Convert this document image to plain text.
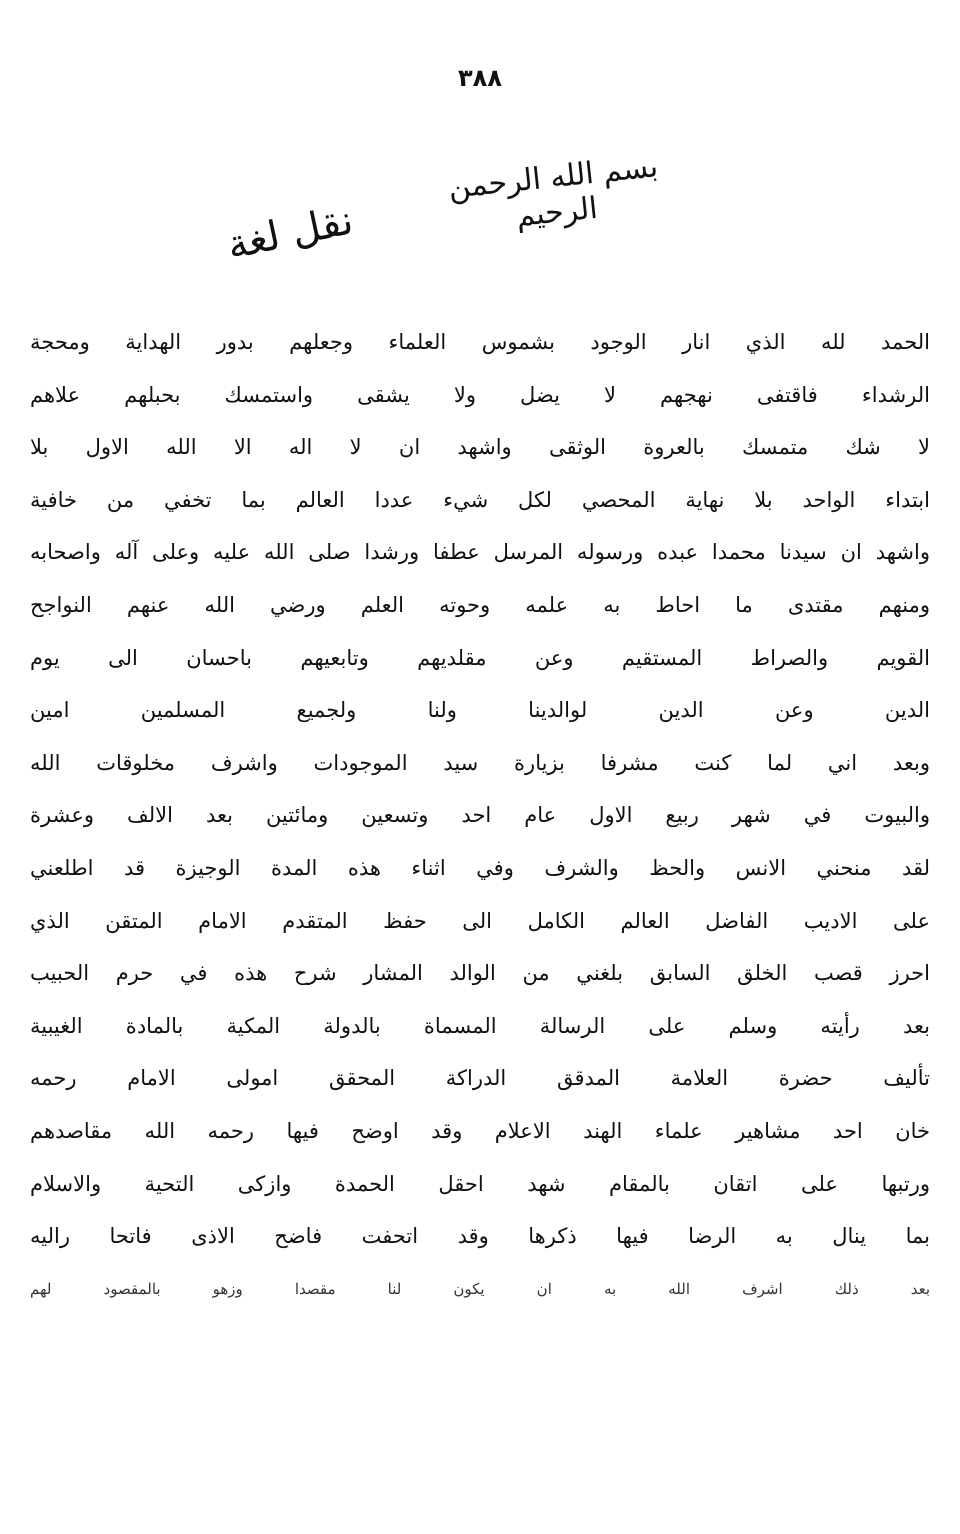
٣٨٨
بسم الله الرحمن الرحيم
نقل لغة
الحمد لله الذي انار الوجود بشموس العلماء وجعلهم بدور الهداية ومحجة
الرشداء فاقتفى نهجهم لا يضل ولا يشقى واستمسك بحبلهم علاهم
لا شك متمسك بالعروة الوثقى واشهد ان لا اله الا الله الاول بلا
ابتداء الواحد بلا نهاية المحصي لكل شيء عددا العالم بما تخفي من خافية
واشهد ان سيدنا محمدا عبده ورسوله المرسل عطفا ورشدا صلى الله عليه وعلى آله واصحابه
ومنهم مقتدى ما احاط به علمه وحوته العلم ورضي الله عنهم النواجح
القويم والصراط المستقيم وعن مقلديهم وتابعيهم باحسان الى يوم
الدين وعن الدين لوالدينا ولنا ولجميع المسلمين امين
وبعد اني لما كنت مشرفا بزيارة سيد الموجودات واشرف مخلوقات الله
والبيوت في شهر ربيع الاول عام احد وتسعين ومائتين بعد الالف وعشرة
لقد منحني الانس والحظ والشرف وفي اثناء هذه المدة الوجيزة قد اطلعني
على الاديب الفاضل العالم الكامل الى حفظ المتقدم الامام المتقن الذي
احرز قصب الخلق السابق بلغني من الوالد المشار شرح هذه في حرم الحبيب
بعد رأيته وسلم على الرسالة المسماة بالدولة المكية بالمادة الغيبية
تأليف حضرة العلامة المدقق الدراكة المحقق امولى الامام رحمه
خان احد مشاهير علماء الهند الاعلام وقد اوضح فيها رحمه الله مقاصدهم
ورتبها على اتقان بالمقام شهد احقل الحمدة وازكى التحية والاسلام
بما ينال به الرضا فيها ذكرها وقد اتحفت فاضح الاذى فاتحا راليه
بعد ذلك اشرف الله به ان يكون لنا مقصدا وزهو بالمقصود لهم
